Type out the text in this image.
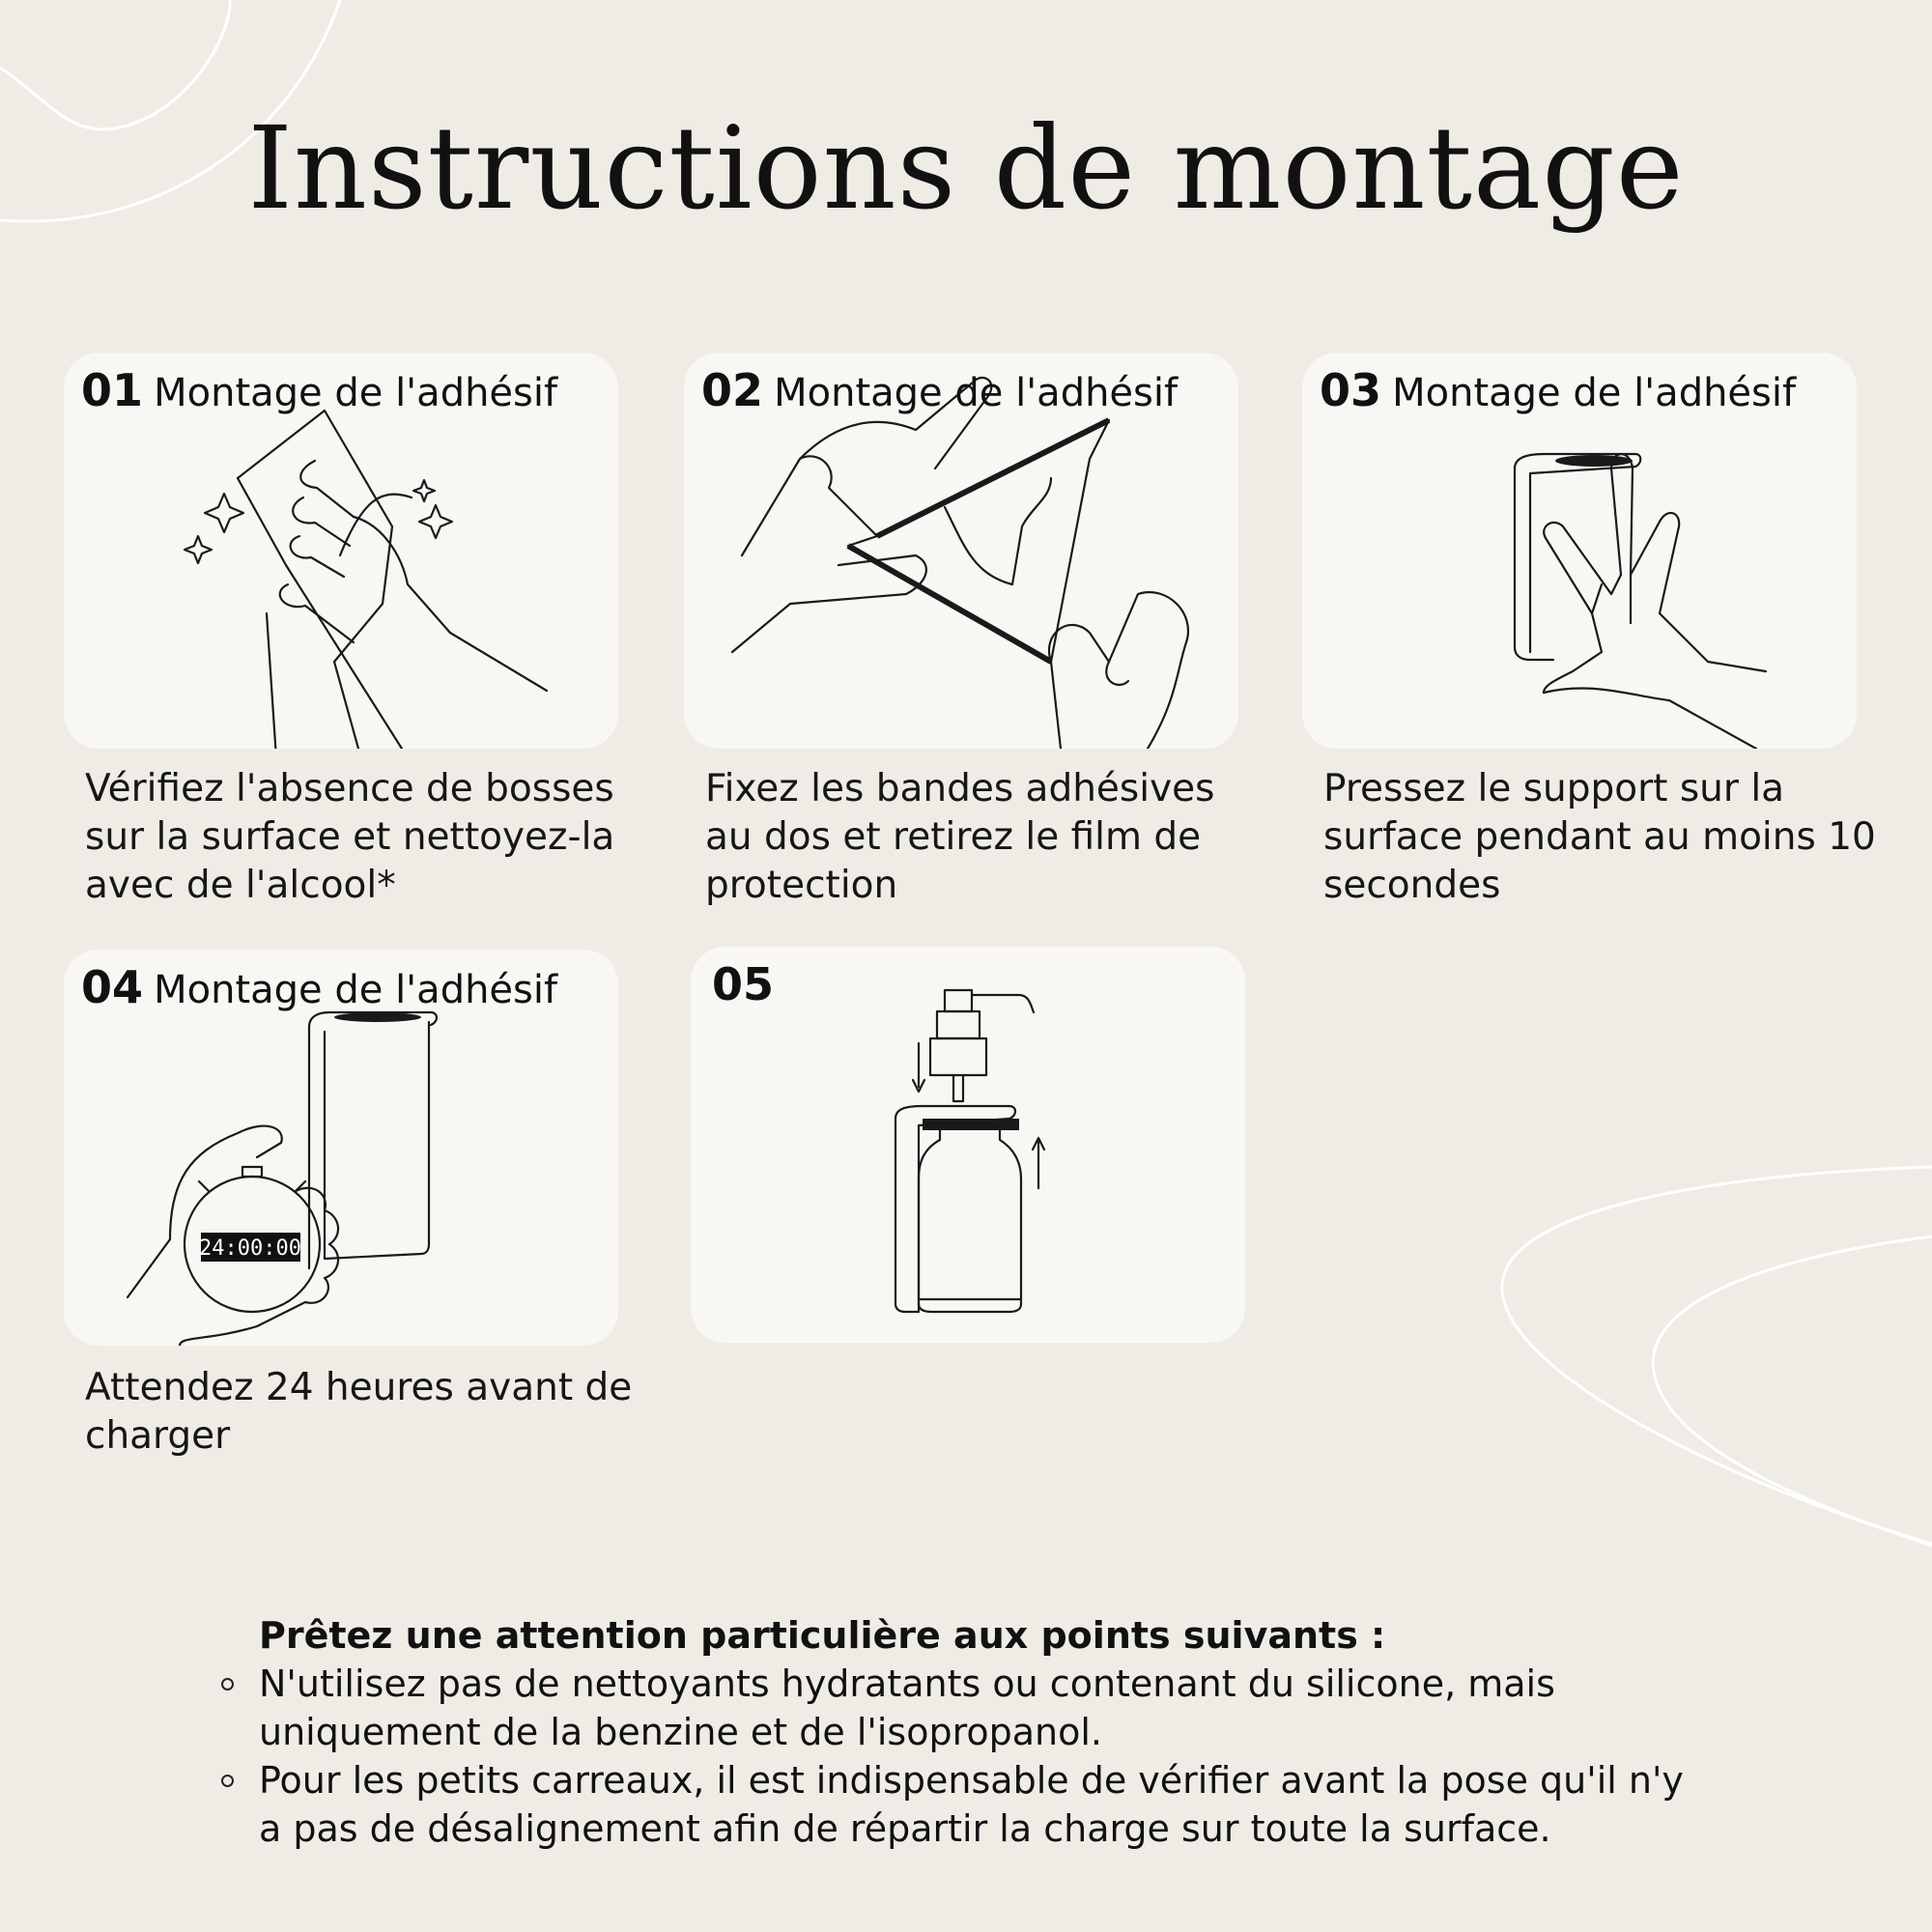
Instructions de montage
01 Montage de l'adhésif
Vérifiez l'absence de bosses
sur la surface et nettoyez-la
avec de l'alcool*
02 Montage de l'adhésif
Fixez les bandes adhésives
au dos et retirez le film de
protection
03 Montage de l'adhésif
Pressez le support sur la
surface pendant au moins 10
secondes
24:00:00
04 Montage de l'adhésif
Attendez 24 heures avant de
charger
05
Prêtez une attention particulière aux points suivants :
N'utilisez pas de nettoyants hydratants ou contenant du silicone, mais
uniquement de la benzine et de l'isopropanol.
Pour les petits carreaux, il est indispensable de vérifier avant la pose qu'il n'y
a pas de désalignement afin de répartir la charge sur toute la surface.
